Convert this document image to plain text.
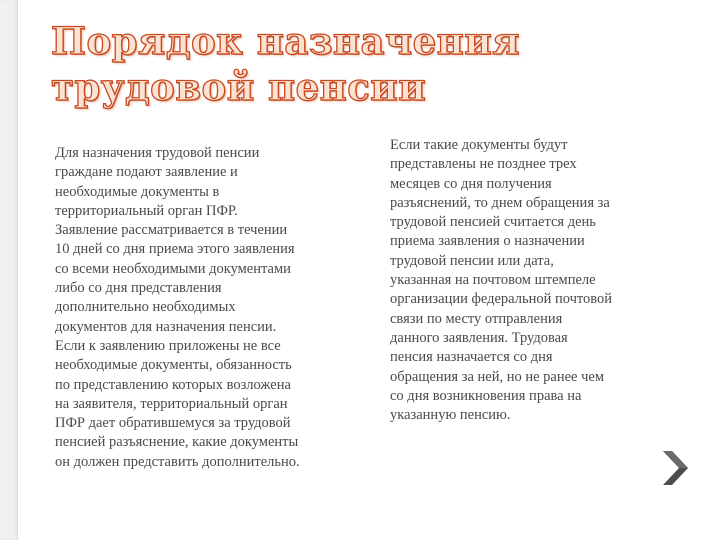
Порядок назначения
трудовой пенсии
Для назначения трудовой пенсии
граждане подают заявление и
необходимые документы в
территориальный орган ПФР.
Заявление рассматривается в течении
10 дней со дня приема этого заявления
со всеми необходимыми документами
либо со дня представления
дополнительно необходимых
документов для назначения пенсии.
Если к заявлению приложены не все
необходимые документы, обязанность
по представлению которых возложена
на заявителя, территориальный орган
ПФР дает обратившемуся за трудовой
пенсией разъяснение, какие документы
он должен представить дополнительно.
Если такие документы будут
представлены не позднее трех
месяцев со дня получения
разъяснений, то днем обращения за
трудовой пенсией считается день
приема заявления о назначении
трудовой пенсии или дата,
указанная на почтовом штемпеле
организации федеральной почтовой
связи по месту отправления
данного заявления. Трудовая
пенсия назначается со дня
обращения за ней, но не ранее чем
со дня возникновения права на
указанную пенсию.
